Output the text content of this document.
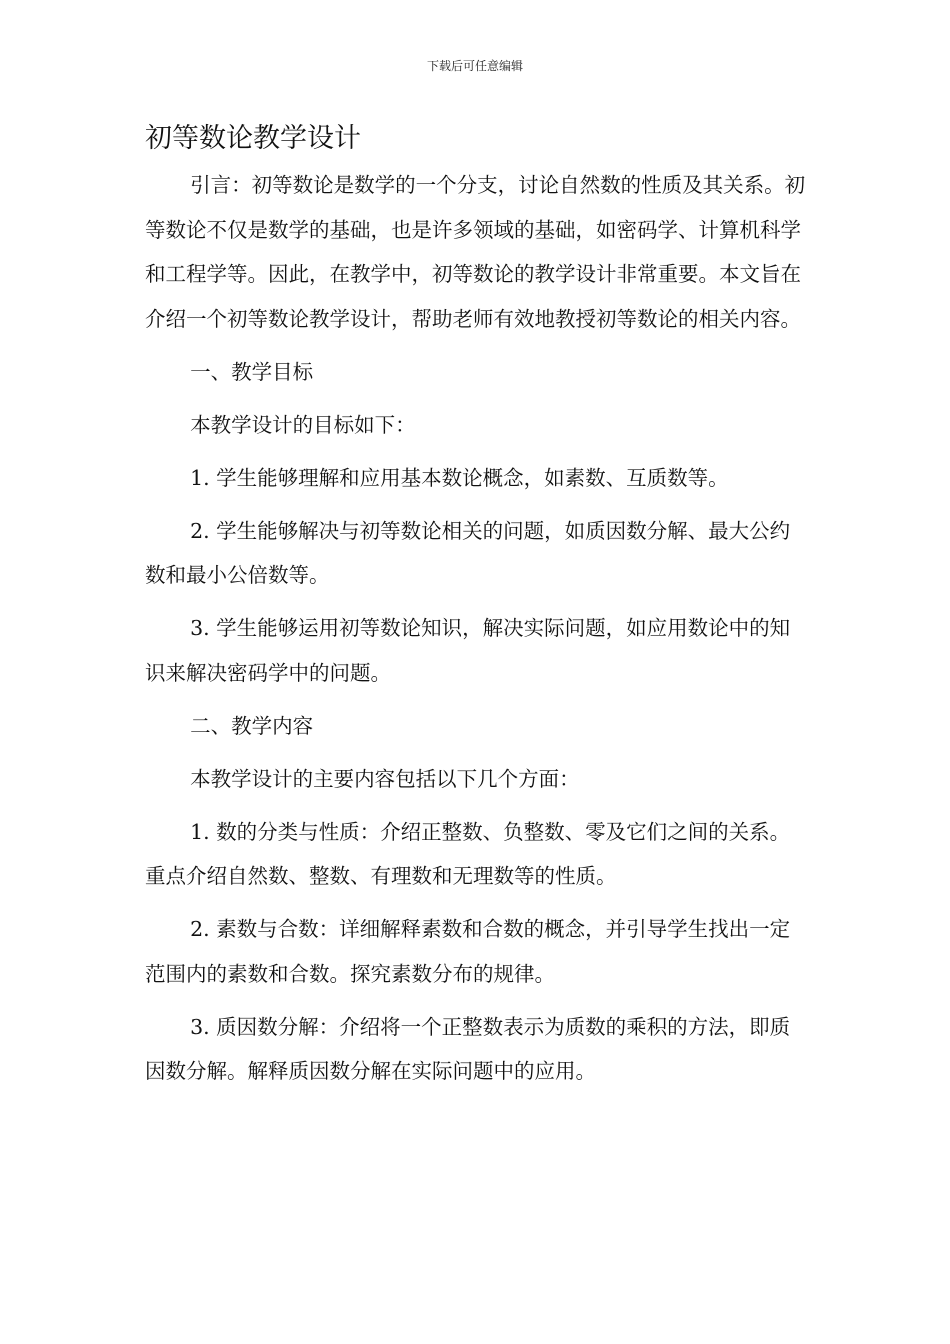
下载后可任意编辑
初等数论教学设计

引言：初等数论是数学的一个分支，讨论自然数的性质及其关系。初等数论不仅是数学的基础，也是许多领域的基础，如密码学、计算机科学和工程学等。因此，在教学中，初等数论的教学设计非常重要。本文旨在介绍一个初等数论教学设计，帮助老师有效地教授初等数论的相关内容。

一、教学目标

本教学设计的目标如下：

1. 学生能够理解和应用基本数论概念，如素数、互质数等。

2. 学生能够解决与初等数论相关的问题，如质因数分解、最大公约数和最小公倍数等。

3. 学生能够运用初等数论知识，解决实际问题，如应用数论中的知识来解决密码学中的问题。

二、教学内容

本教学设计的主要内容包括以下几个方面：

1. 数的分类与性质：介绍正整数、负整数、零及它们之间的关系。重点介绍自然数、整数、有理数和无理数等的性质。

2. 素数与合数：详细解释素数和合数的概念，并引导学生找出一定范围内的素数和合数。探究素数分布的规律。

3. 质因数分解：介绍将一个正整数表示为质数的乘积的方法，即质因数分解。解释质因数分解在实际问题中的应用。
